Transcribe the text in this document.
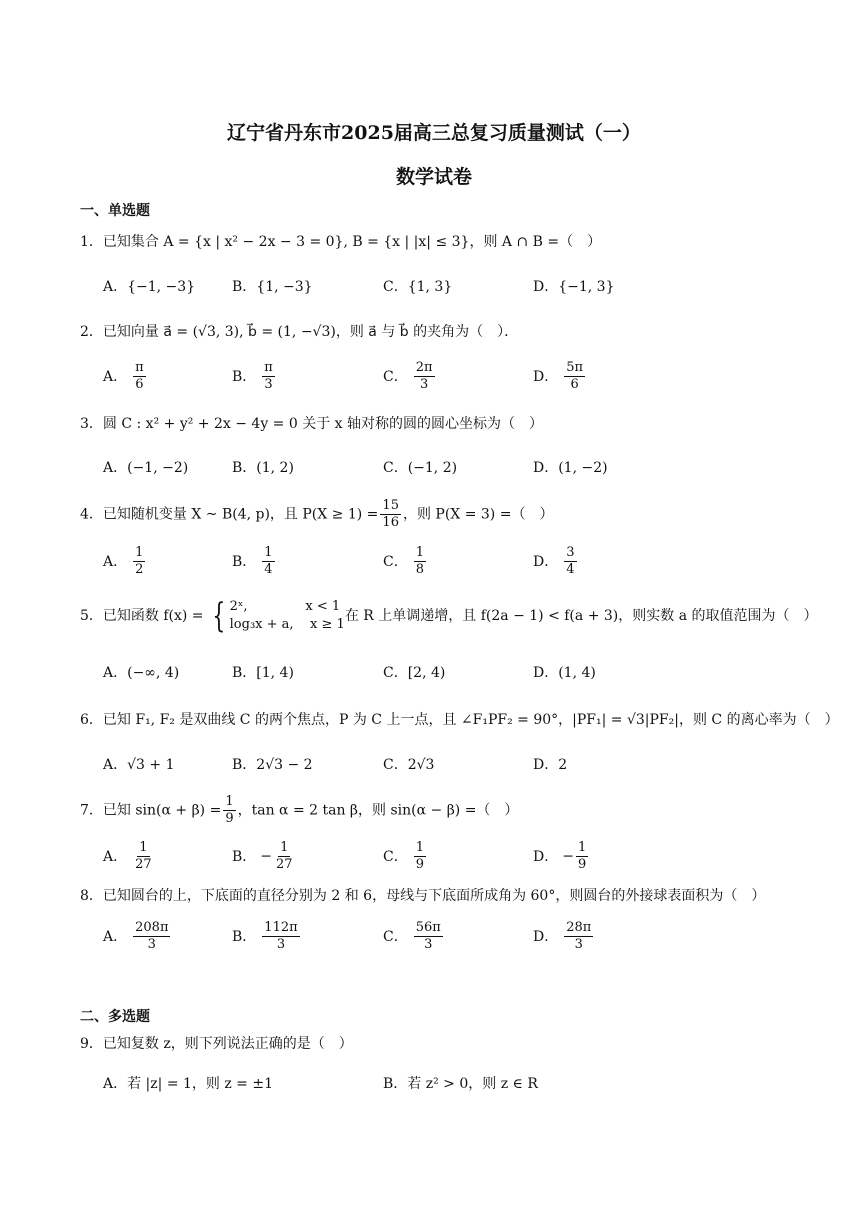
辽宁省丹东市2025届高三总复习质量测试（一）
数学试卷
一、单选题
1．已知集合 A = {x | x² − 2x − 3 = 0}, B = {x | |x| ≤ 3}，则 A ∩ B =（　）
A．{−1, −3}	B．{1, −3}	C．{1, 3}	D．{−1, 3}
2．已知向量 a⃗ = (√3, 3), b⃗ = (1, −√3)，则 a⃗ 与 b⃗ 的夹角为（　）．
A． $\frac{\pi}{6}$	B． $\frac{\pi}{3}$	C． $\frac{2\pi}{3}$	D． $\frac{5\pi}{6}$
3．圆 C : x² + y² + 2x − 4y = 0 关于 x 轴对称的圆的圆心坐标为（　）
A．(−1, −2)	B．(1, 2)	C．(−1, 2)	D．(1, −2)
4．已知随机变量 X ~ B(4, p)，且 $P(X \ge 1) = \frac{15}{16}$ ，则 P(X = 3) =（　）
A． $\frac{1}{2}$	B． $\frac{1}{4}$	C． $\frac{1}{8}$	D． $\frac{3}{4}$
5．已知函数 f(x) = { 2ˣ,              x < 1
log₃x + a,    x ≥ 1
在 R 上单调递增，且 f(2a − 1) < f(a + 3)，则实数 a 的取值范围为（　）
A．(−∞, 4)	B．[1, 4)	C．[2, 4)	D．(1, 4)
6．已知 F₁, F₂ 是双曲线 C 的两个焦点，P 为 C 上一点，且 ∠F₁PF₂ = 90°，|PF₁| = √3|PF₂|，则 C 的离心率为（　）
A．√3 + 1	B．2√3 − 2	C．2√3	D．2
7．已知 $\sin(\alpha + \beta) = \frac{1}{9}$ ，tan α = 2 tan β，则 sin(α − β) =（　）
A． $\frac{1}{27}$	B． − $\frac{1}{27}$	C． $\frac{1}{9}$	D． − $\frac{1}{9}$
8．已知圆台的上，下底面的直径分别为 2 和 6，母线与下底面所成角为 60°，则圆台的外接球表面积为（　）
A． $\frac{208\pi}{3}$	B． $\frac{112\pi}{3}$	C． $\frac{56\pi}{3}$	D． $\frac{28\pi}{3}$
二、多选题
9．已知复数 z，则下列说法正确的是（　）
A．若 |z| = 1，则 z = ±1	B．若 z² > 0，则 z ∈ R
